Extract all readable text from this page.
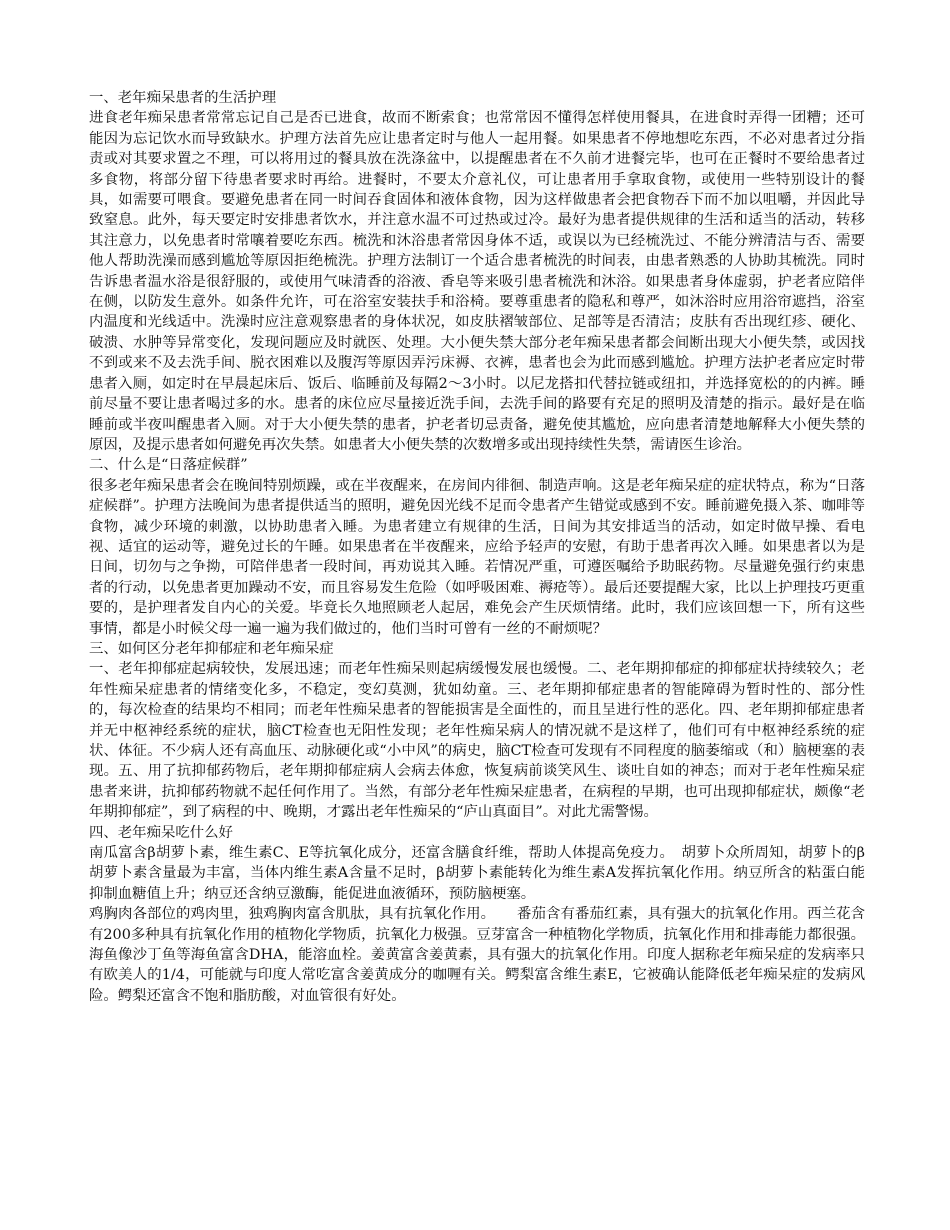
一、老年痴呆患者的生活护理

进食老年痴呆患者常常忘记自己是否已进食，故而不断索食；也常常因不懂得怎样使用餐具，在进食时弄得一团糟；还可能因为忘记饮水而导致缺水。护理方法首先应让患者定时与他人一起用餐。如果患者不停地想吃东西，不必对患者过分指责或对其要求置之不理，可以将用过的餐具放在洗涤盆中，以提醒患者在不久前才进餐完毕，也可在正餐时不要给患者过多食物，将部分留下待患者要求时再给。进餐时，不要太介意礼仪，可让患者用手拿取食物，或使用一些特别设计的餐具，如需要可喂食。要避免患者在同一时间吞食固体和液体食物，因为这样做患者会把食物吞下而不加以咀嚼，并因此导致窒息。此外，每天要定时安排患者饮水，并注意水温不可过热或过冷。最好为患者提供规律的生活和适当的活动，转移其注意力，以免患者时常嚷着要吃东西。梳洗和沐浴患者常因身体不适，或误以为已经梳洗过、不能分辨清洁与否、需要他人帮助洗澡而感到尴尬等原因拒绝梳洗。护理方法制订一个适合患者梳洗的时间表，由患者熟悉的人协助其梳洗。同时告诉患者温水浴是很舒服的，或使用气味清香的浴液、香皂等来吸引患者梳洗和沐浴。如果患者身体虚弱，护老者应陪伴在侧，以防发生意外。如条件允许，可在浴室安装扶手和浴椅。要尊重患者的隐私和尊严，如沐浴时应用浴帘遮挡，浴室内温度和光线适中。洗澡时应注意观察患者的身体状况，如皮肤褶皱部位、足部等是否清洁；皮肤有否出现红疹、硬化、破溃、水肿等异常变化，发现问题应及时就医、处理。大小便失禁大部分老年痴呆患者都会间断出现大小便失禁，或因找不到或来不及去洗手间、脱衣困难以及腹泻等原因弄污床褥、衣裤，患者也会为此而感到尴尬。护理方法护老者应定时带患者入厕，如定时在早晨起床后、饭后、临睡前及每隔2～3小时。以尼龙搭扣代替拉链或纽扣，并选择宽松的的内裤。睡前尽量不要让患者喝过多的水。患者的床位应尽量接近洗手间，去洗手间的路要有充足的照明及清楚的指示。最好是在临睡前或半夜叫醒患者入厕。对于大小便失禁的患者，护老者切忌责备，避免使其尴尬，应向患者清楚地解释大小便失禁的原因，及提示患者如何避免再次失禁。如患者大小便失禁的次数增多或出现持续性失禁，需请医生诊治。

二、什么是“日落症候群”

很多老年痴呆患者会在晚间特别烦躁，或在半夜醒来，在房间内徘徊、制造声响。这是老年痴呆症的症状特点，称为“日落症候群”。护理方法晚间为患者提供适当的照明，避免因光线不足而令患者产生错觉或感到不安。睡前避免摄入茶、咖啡等食物，减少环境的刺激，以协助患者入睡。为患者建立有规律的生活，日间为其安排适当的活动，如定时做早操、看电视、适宜的运动等，避免过长的午睡。如果患者在半夜醒来，应给予轻声的安慰，有助于患者再次入睡。如果患者以为是日间，切勿与之争拗，可陪伴患者一段时间，再劝说其入睡。若情况严重，可遵医嘱给予助眠药物。尽量避免强行约束患者的行动，以免患者更加躁动不安，而且容易发生危险（如呼吸困难、褥疮等）。最后还要提醒大家，比以上护理技巧更重要的，是护理者发自内心的关爱。毕竟长久地照顾老人起居，难免会产生厌烦情绪。此时，我们应该回想一下，所有这些事情，都是小时候父母一遍一遍为我们做过的，他们当时可曾有一丝的不耐烦呢？

三、如何区分老年抑郁症和老年痴呆症

一、老年抑郁症起病较快，发展迅速；而老年性痴呆则起病缓慢发展也缓慢。二、老年期抑郁症的抑郁症状持续较久；老年性痴呆症患者的情绪变化多，不稳定，变幻莫测，犹如幼童。三、老年期抑郁症患者的智能障碍为暂时性的、部分性的，每次检查的结果均不相同；而老年性痴呆患者的智能损害是全面性的，而且呈进行性的恶化。四、老年期抑郁症患者并无中枢神经系统的症状，脑CT检查也无阳性发现；老年性痴呆病人的情况就不是这样了，他们可有中枢神经系统的症状、体征。不少病人还有高血压、动脉硬化或“小中风”的病史，脑CT检查可发现有不同程度的脑萎缩或（和）脑梗塞的表现。五、用了抗抑郁药物后，老年期抑郁症病人会病去体愈，恢复病前谈笑风生、谈吐自如的神态；而对于老年性痴呆症患者来讲，抗抑郁药物就不起任何作用了。当然，有部分老年性痴呆症患者，在病程的早期，也可出现抑郁症状，颇像“老年期抑郁症”，到了病程的中、晚期，才露出老年性痴呆的“庐山真面目”。对此尤需警惕。

四、老年痴呆吃什么好

南瓜富含β胡萝卜素，维生素C、E等抗氧化成分，还富含膳食纤维，帮助人体提高免疫力。　胡萝卜众所周知，胡萝卜的β胡萝卜素含量最为丰富，当体内维生素A含量不足时，β胡萝卜素能转化为维生素A发挥抗氧化作用。纳豆所含的粘蛋白能抑制血糖值上升；纳豆还含纳豆激酶，能促进血液循环，预防脑梗塞。

鸡胸肉各部位的鸡肉里，独鸡胸肉富含肌肽，具有抗氧化作用。　　番茄含有番茄红素，具有强大的抗氧化作用。西兰花含有200多种具有抗氧化作用的植物化学物质，抗氧化力极强。豆芽富含一种植物化学物质，抗氧化作用和排毒能力都很强。海鱼像沙丁鱼等海鱼富含DHA，能溶血栓。姜黄富含姜黄素，具有强大的抗氧化作用。印度人据称老年痴呆症的发病率只有欧美人的1/4，可能就与印度人常吃富含姜黄成分的咖喱有关。鳄梨富含维生素E，它被确认能降低老年痴呆症的发病风险。鳄梨还富含不饱和脂肪酸，对血管很有好处。
